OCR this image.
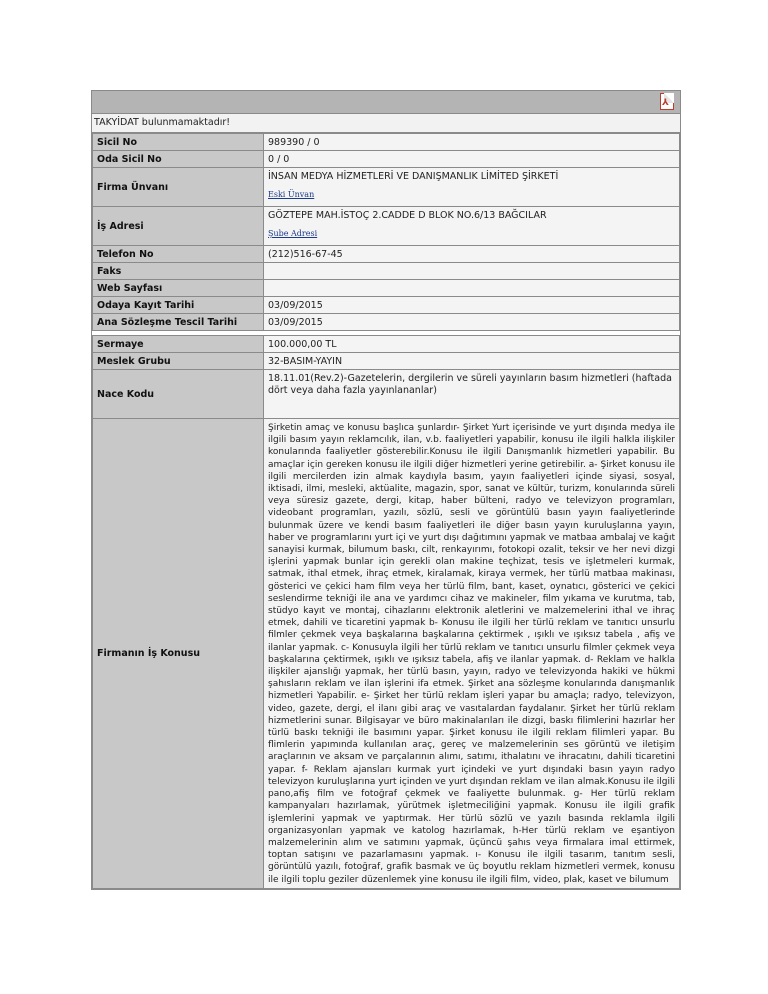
⅄
TAKYİDAT bulunmamaktadır!
Sicil No	989390 / 0
Oda Sicil No	0 / 0
Firma Ünvanı	İNSAN MEDYA HİZMETLERİ VE DANIŞMANLIK LİMİTED ŞİRKETİ
Eski Ünvan

İş Adresi	GÖZTEPE MAH.İSTOÇ 2.CADDE D BLOK NO.6/13 BAĞCILAR
Şube Adresi

Telefon No	(212)516-67-45
Faks	
Web Sayfası	
Odaya Kayıt Tarihi	03/09/2015
Ana Sözleşme Tescil Tarihi	03/09/2015

Sermaye	100.000,00 TL
Meslek Grubu	32-BASIM-YAYIN
Nace Kodu	18.11.01(Rev.2)-Gazetelerin, dergilerin ve süreli yayınların basım hizmetleri (haftada dört veya daha fazla yayınlananlar)
Firmanın İş Konusu	Şirketin amaç ve konusu başlıca şunlardır- Şirket Yurt içerisinde ve yurt dışında medya ile ilgili basım yayın reklamcılık, ilan, v.b. faaliyetleri yapabilir, konusu ile ilgili halkla ilişkiler konularında faaliyetler gösterebilir.Konusu ile ilgili Danışmanlık hizmetleri yapabilir. Bu amaçlar için gereken konusu ile ilgili diğer hizmetleri yerine getirebilir. a- Şirket konusu ile ilgili mercilerden izin almak kaydıyla basım, yayın faaliyetleri içinde siyasi, sosyal, iktisadi, ilmi, mesleki, aktüalite, magazin, spor, sanat ve kültür, turizm, konularında süreli veya süresiz gazete, dergi, kitap, haber bülteni, radyo ve televizyon programları, videobant programları, yazılı, sözlü, sesli ve görüntülü basın yayın faaliyetlerinde bulunmak üzere ve kendi basım faaliyetleri ile diğer basın yayın kuruluşlarına yayın, haber ve programlarını yurt içi ve yurt dışı dağıtımını yapmak ve matbaa ambalaj ve kağıt sanayisi kurmak, bilumum baskı, cilt, renkayırımı, fotokopi ozalit, teksir ve her nevi dizgi işlerini yapmak bunlar için gerekli olan makine teçhizat, tesis ve işletmeleri kurmak, satmak, ithal etmek, ihraç etmek, kiralamak, kiraya vermek, her türlü matbaa makinası, gösterici ve çekici ham film veya her türlü film, bant, kaset, oynatıcı, gösterici ve çekici seslendirme tekniği ile ana ve yardımcı cihaz ve makineler, film yıkama ve kurutma, tab, stüdyo kayıt ve montaj, cihazlarını elektronik aletlerini ve malzemelerini ithal ve ihraç etmek, dahili ve ticaretini yapmak b- Konusu ile ilgili her türlü reklam ve tanıtıcı unsurlu filmler çekmek veya başkalarına başkalarına çektirmek , ışıklı ve ışıksız tabela , afiş ve ilanlar yapmak. c- Konusuyla ilgili her türlü reklam ve tanıtıcı unsurlu filmler çekmek veya başkalarına çektirmek, ışıklı ve ışıksız tabela, afiş ve ilanlar yapmak. d- Reklam ve halkla ilişkiler ajanslığı yapmak, her türlü basın, yayın, radyo ve televizyonda hakiki ve hükmi şahısların reklam ve ilan işlerini ifa etmek. Şirket ana sözleşme konularında danışmanlık hizmetleri Yapabilir. e- Şirket her türlü reklam işleri yapar bu amaçla; radyo, televizyon, video, gazete, dergi, el ilanı gibi araç ve vasıtalardan faydalanır. Şirket her türlü reklam hizmetlerini sunar. Bilgisayar ve büro makinalarıları ile dizgi, baskı filimlerini hazırlar her türlü baskı tekniği ile basımını yapar. Şirket konusu ile ilgili reklam filimleri yapar. Bu flimlerin yapımında kullanılan araç, gereç ve malzemelerinin ses görüntü ve iletişim araçlarının ve aksam ve parçalarının alımı, satımı, ithalatını ve ihracatını, dahili ticaretini yapar. f- Reklam ajansları kurmak yurt içindeki ve yurt dışındaki basın yayın radyo televizyon kuruluşlarına yurt içinden ve yurt dışından reklam ve ilan almak.Konusu ile ilgili pano,afiş film ve fotoğraf çekmek ve faaliyette bulunmak. g- Her türlü reklam kampanyaları hazırlamak, yürütmek işletmeciliğini yapmak. Konusu ile ilgili grafik işlemlerini yapmak ve yaptırmak. Her türlü sözlü ve yazılı basında reklamla ilgili organizasyonları yapmak ve katolog hazırlamak, h-Her türlü reklam ve eşantiyon malzemelerinin alım ve satımını yapmak, üçüncü şahıs veya firmalara imal ettirmek, toptan satışını ve pazarlamasını yapmak. ı- Konusu ile ilgili tasarım, tanıtım sesli, görüntülü yazılı, fotoğraf, grafik basmak ve üç boyutlu reklam hizmetleri vermek, konusu ile ilgili toplu geziler düzenlemek yine konusu ile ilgili film, video, plak, kaset ve bilumum
